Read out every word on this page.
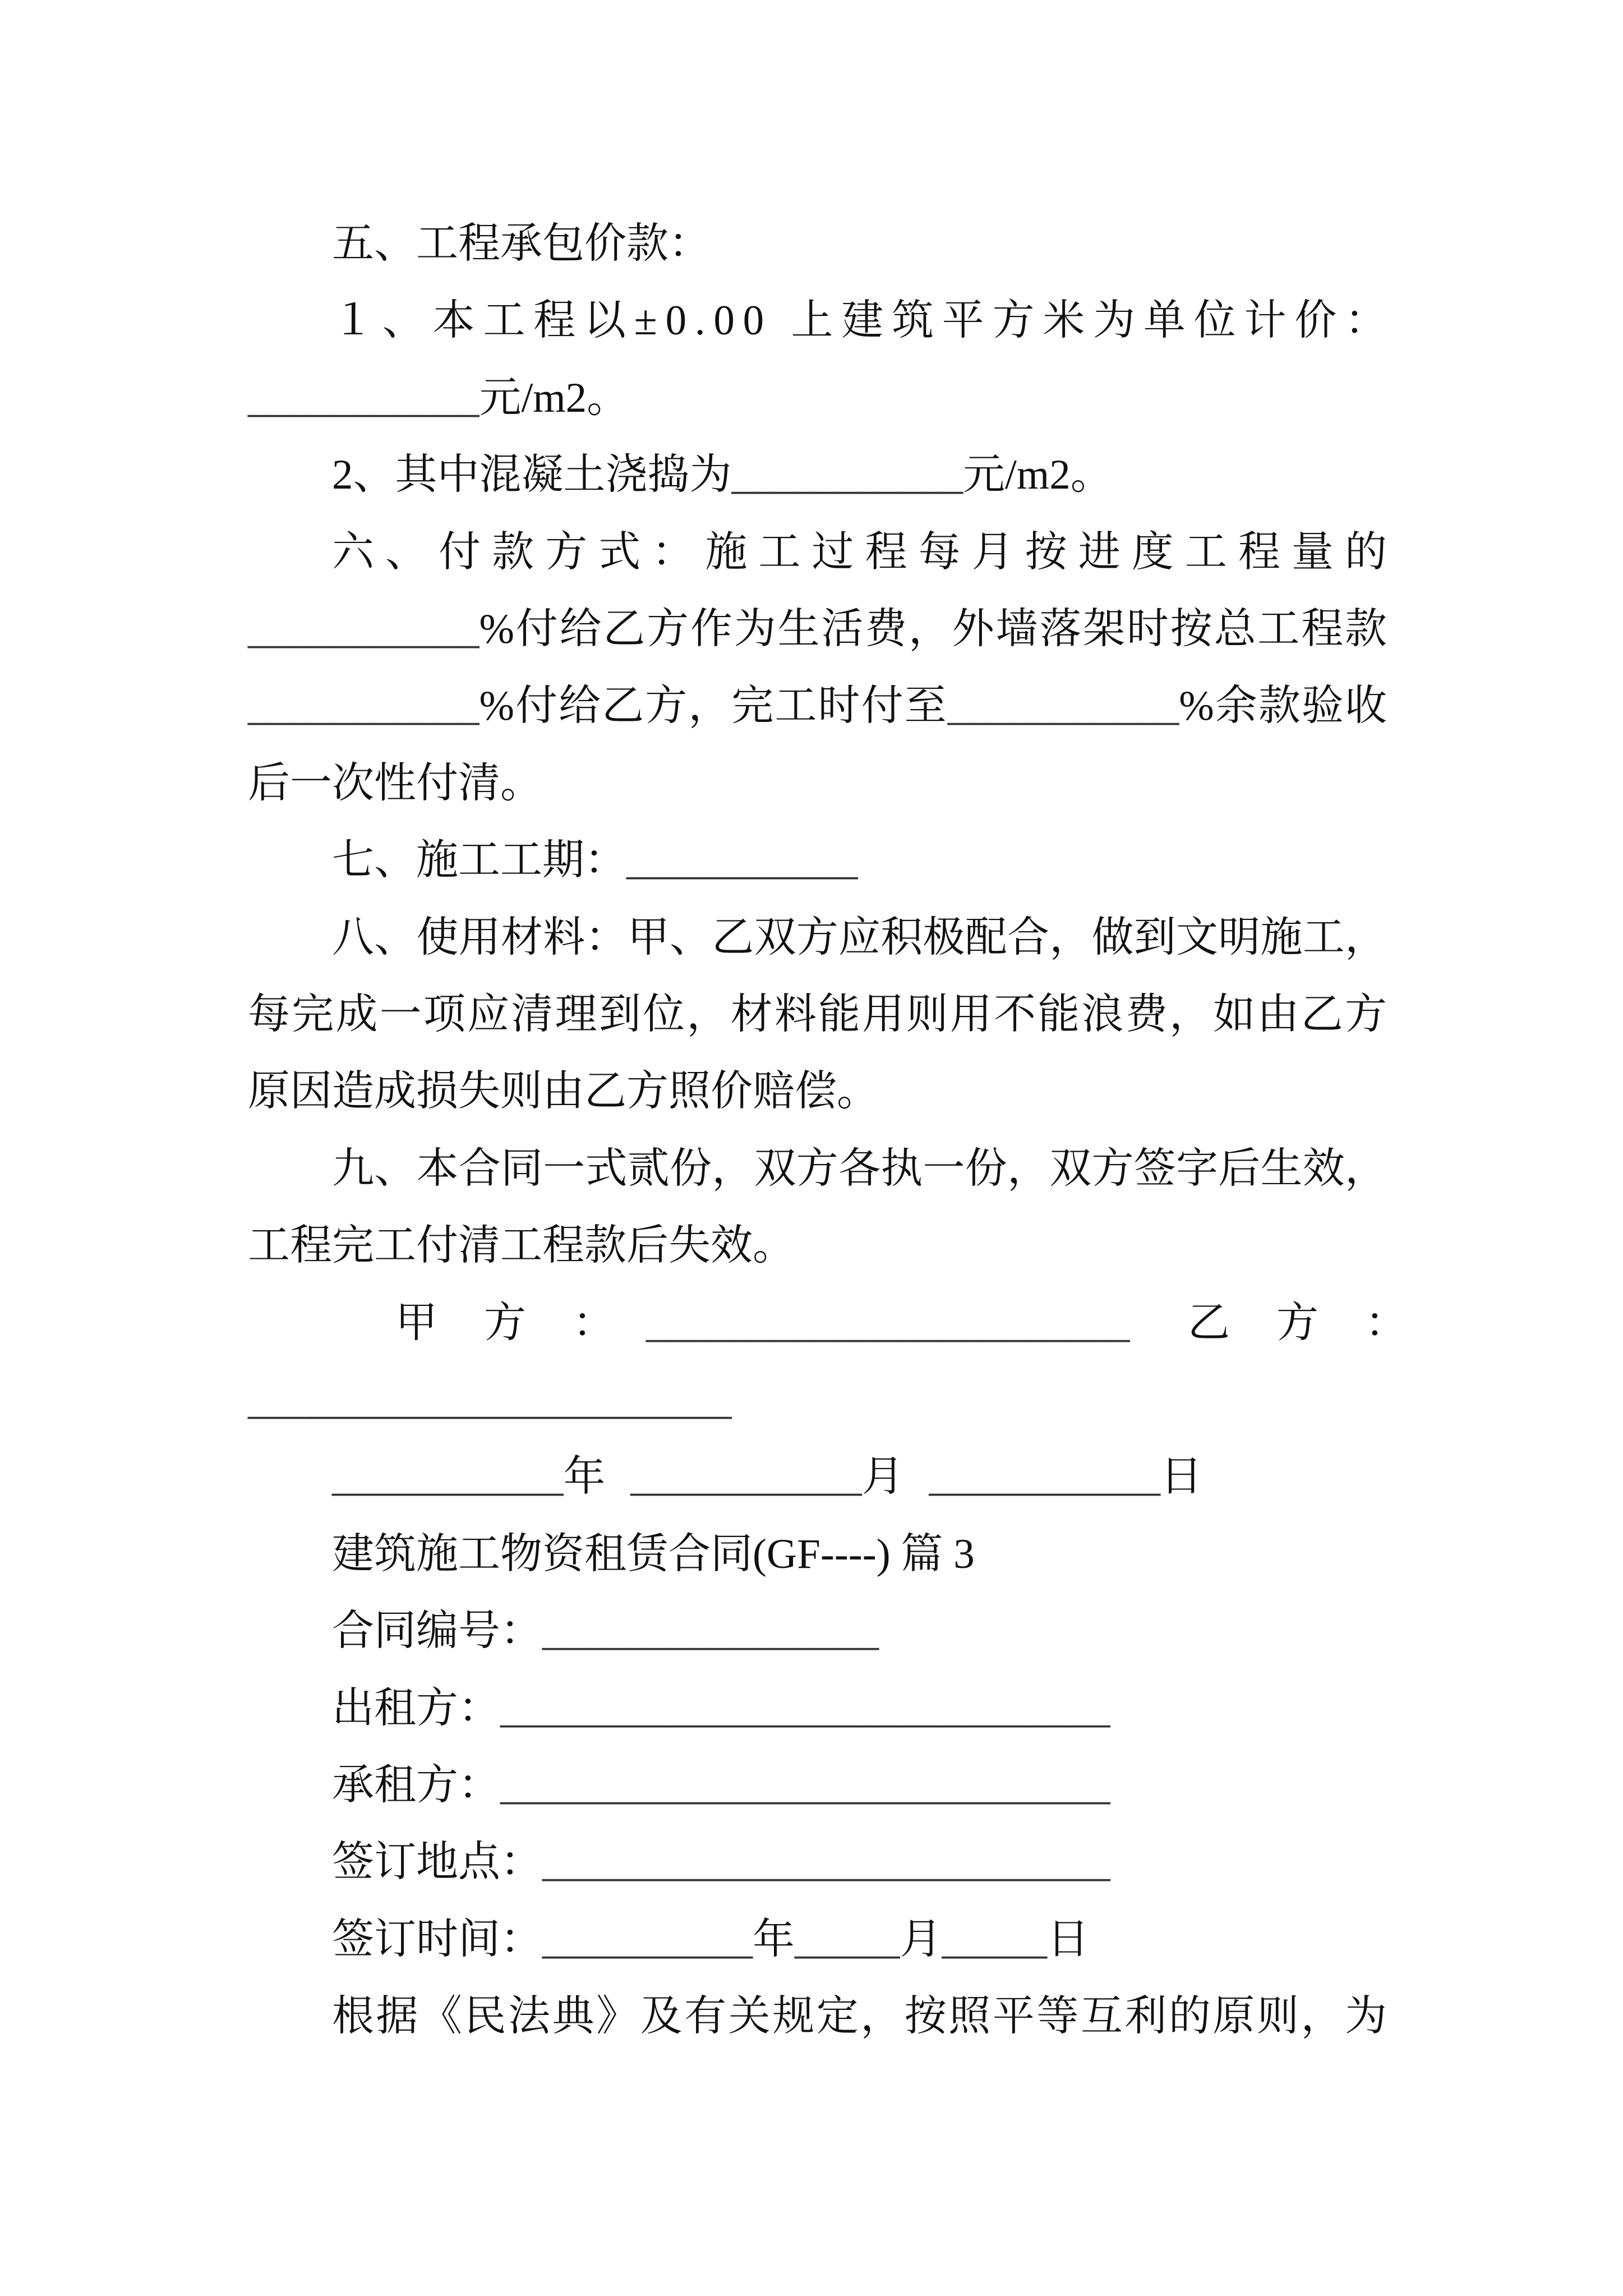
五、工程承包价款：
１、本工程以±0.00 上建筑平方米为单位计价：
___________元/m2。
2、其中混凝土浇捣为___________元/m2。
六、付款方式：施工过程每月按进度工程量的
___________%付给乙方作为生活费，外墙落架时按总工程款
___________%付给乙方，完工时付至___________%余款验收
后一次性付清。
七、施工工期：___________
八、使用材料：甲、乙双方应积极配合，做到文明施工，
每完成一项应清理到位，材料能用则用不能浪费，如由乙方
原因造成损失则由乙方照价赔偿。
九、本合同一式贰份，双方各执一份，双方签字后生效，
工程完工付清工程款后失效。

甲方：

_______________________

乙方：

_______________________
___________年 ___________月 ___________日
建筑施工物资租赁合同(GF----) 篇 3
合同编号：________________
出租方：_____________________________
承租方：_____________________________
签订地点：___________________________
签订时间：__________年_____月_____日
根据《民法典》及有关规定，按照平等互利的原则，为
